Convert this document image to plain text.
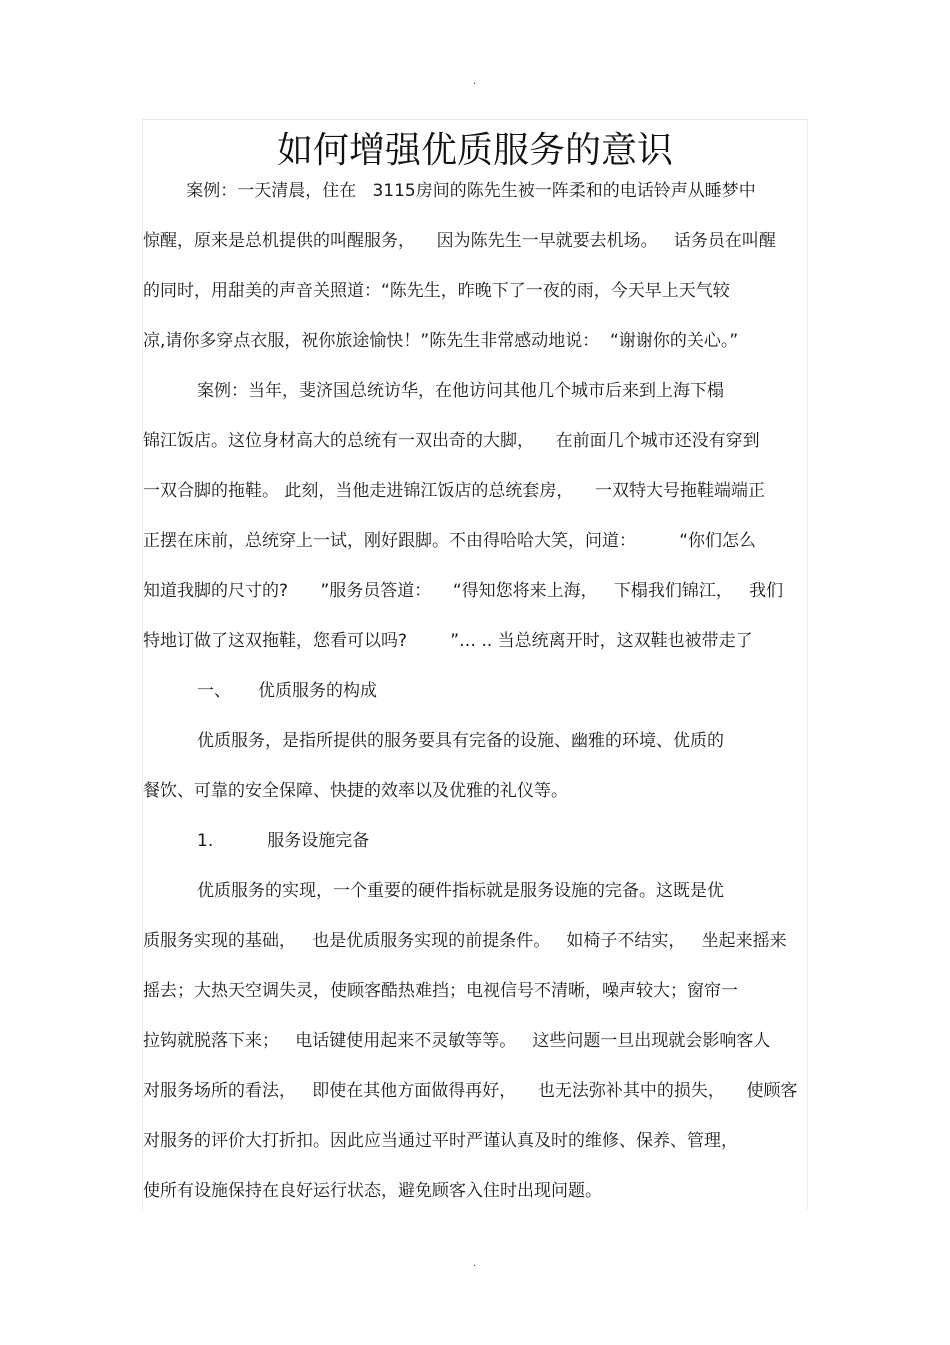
.
如何增强优质服务的意识
案例：一天清晨，住在   3115房间的陈先生被一阵柔和的电话铃声从睡梦中
惊醒，原来是总机提供的叫醒服务，    因为陈先生一早就要去机场。   话务员在叫醒
的同时，用甜美的声音关照道：“陈先生，昨晚下了一夜的雨，今天早上天气较
凉,请你多穿点衣服，祝你旅途愉快！”陈先生非常感动地说：  “谢谢你的关心。”
案例：当年，斐济国总统访华，在他访问其他几个城市后来到上海下榻
锦江饭店。这位身材高大的总统有一双出奇的大脚，    在前面几个城市还没有穿到
一双合脚的拖鞋。 此刻，当他走进锦江饭店的总统套房，    一双特大号拖鞋端端正
正摆在床前，总统穿上一试，刚好跟脚。不由得哈哈大笑，问道：        “你们怎么
知道我脚的尺寸的?      ”服务员答道：    “得知您将来上海，   下榻我们锦江，   我们
特地订做了这双拖鞋，您看可以吗?        ”… .. 当总统离开时，这双鞋也被带走了
一、     优质服务的构成
优质服务，是指所提供的服务要具有完备的设施、幽雅的环境、优质的
餐饮、可靠的安全保障、快捷的效率以及优雅的礼仪等。
1.          服务设施完备
优质服务的实现，一个重要的硬件指标就是服务设施的完备。这既是优
质服务实现的基础，   也是优质服务实现的前提条件。   如椅子不结实，   坐起来摇来
摇去；大热天空调失灵，使顾客酷热难挡；电视信号不清晰，噪声较大；窗帘一
拉钩就脱落下来；   电话键使用起来不灵敏等等。   这些问题一旦出现就会影响客人
对服务场所的看法，   即使在其他方面做得再好，    也无法弥补其中的损失，    使顾客
对服务的评价大打折扣。因此应当通过平时严谨认真及时的维修、保养、管理，
使所有设施保持在良好运行状态，避免顾客入住时出现问题。
.
